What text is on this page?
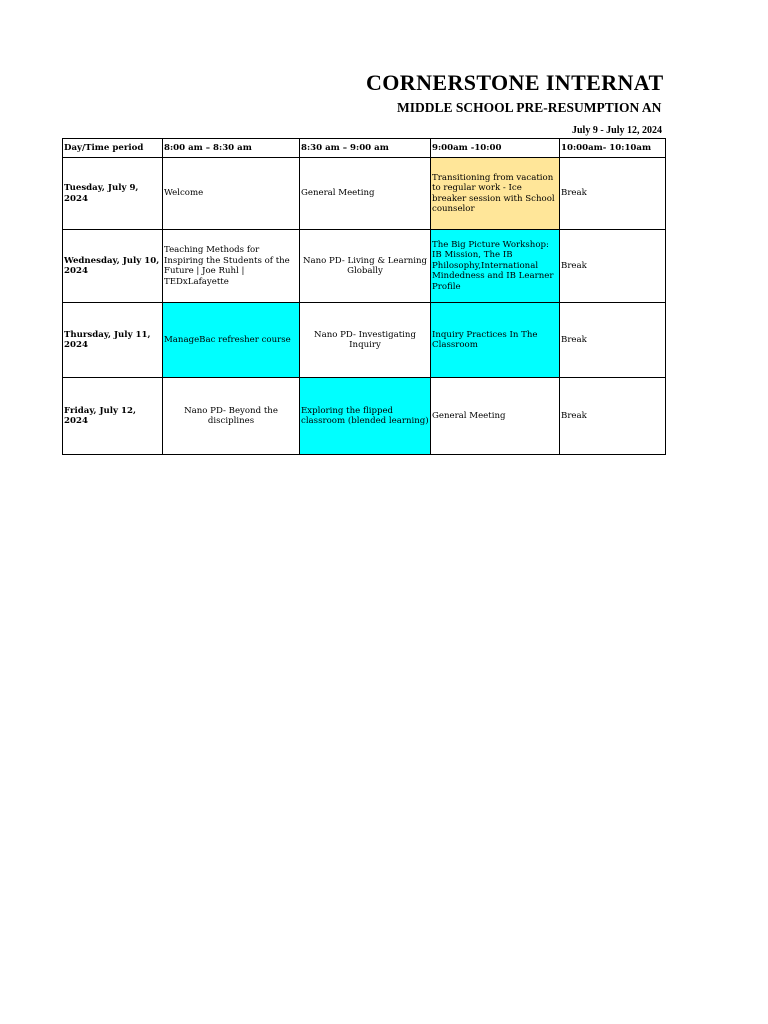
CORNERSTONE INTERNAT
MIDDLE SCHOOL PRE-RESUMPTION AN
July 9 - July 12, 2024
Day/Time period	8:00 am – 8:30 am	8:30 am – 9:00 am	9:00am -10:00	10:00am- 10:10am
Tuesday, July 9, 2024	Welcome	General Meeting	Transitioning from vacation to regular work - Ice breaker session with School counselor	Break
Wednesday, July 10, 2024	Teaching Methods for Inspiring the Students of the Future | Joe Ruhl | TEDxLafayette	Nano PD- Living & Learning Globally	The Big Picture Workshop: IB Mission, The IB Philosophy,International Mindedness and IB Learner Profile	Break
Thursday, July 11, 2024	ManageBac refresher course	Nano PD- Investigating Inquiry	Inquiry Practices In The Classroom	Break
Friday, July 12, 2024	Nano PD- Beyond the disciplines	Exploring the flipped classroom (blended learning)	General Meeting	Break
